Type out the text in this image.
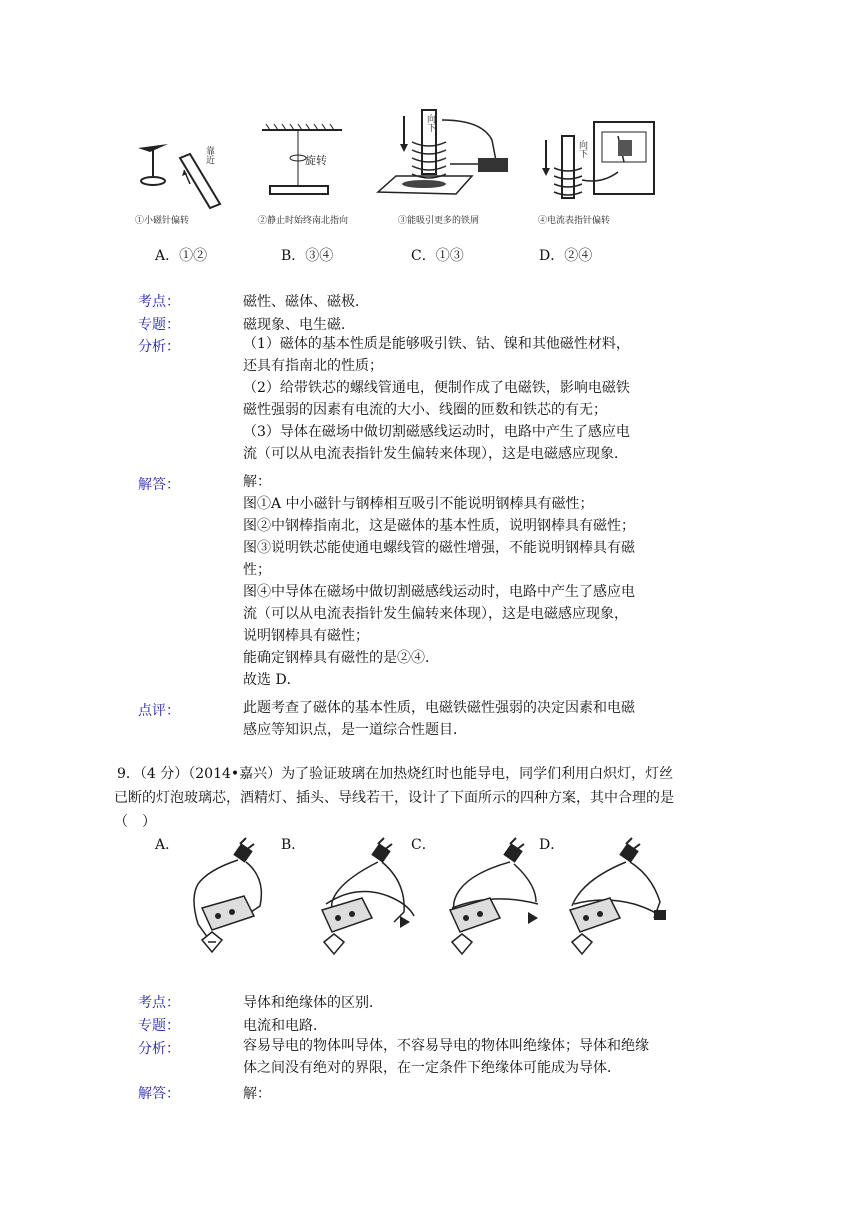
靠近
①小磁针偏转
旋转
②静止时始终南北指向
向下
③能吸引更多的铁屑
向下
④电流表指针偏转
A．①②	B．③④	C．①③	D．②④
考点：	磁性、磁体、磁极．
专题：	磁现象、电生磁．
分析：	（1）磁体的基本性质是能够吸引铁、钴、镍和其他磁性材料，
还具有指南北的性质；
（2）给带铁芯的螺线管通电，便制作成了电磁铁，影响电磁铁
磁性强弱的因素有电流的大小、线圈的匝数和铁芯的有无；
（3）导体在磁场中做切割磁感线运动时，电路中产生了感应电
流（可以从电流表指针发生偏转来体现），这是电磁感应现象．
解答：	解：
图①A 中小磁针与钢棒相互吸引不能说明钢棒具有磁性；
图②中钢棒指南北，这是磁体的基本性质，说明钢棒具有磁性；
图③说明铁芯能使通电螺线管的磁性增强，不能说明钢棒具有磁
性；
图④中导体在磁场中做切割磁感线运动时，电路中产生了感应电
流（可以从电流表指针发生偏转来体现），这是电磁感应现象，
说明钢棒具有磁性；
能确定钢棒具有磁性的是②④．
故选 D．
点评：	此题考查了磁体的基本性质，电磁铁磁性强弱的决定因素和电磁
感应等知识点，是一道综合性题目．
9．（4 分）（2014•嘉兴）为了验证玻璃在加热烧红时也能导电，同学们利用白炽灯，灯丝
已断的灯泡玻璃芯，酒精灯、插头、导线若干，设计了下面所示的四种方案，其中合理的是
（　）
A．	B．	C．	D．
考点：	导体和绝缘体的区别．
专题：	电流和电路．
分析：	容易导电的物体叫导体，不容易导电的物体叫绝缘体；导体和绝缘
体之间没有绝对的界限，在一定条件下绝缘体可能成为导体．
解答：	解：
